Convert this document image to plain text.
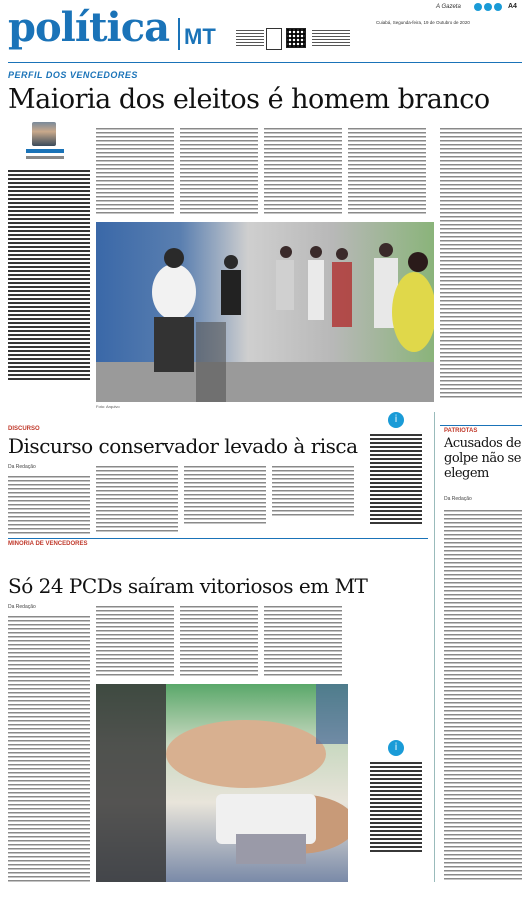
política MT
A Gazeta	A4
Cuiabá, Segunda-feira, 19 de Outubro de 2020
PERFIL DOS VENCEDORES
Maioria dos eleitos é homem branco
Foto: Arquivo
DISCURSO
Discurso conservador levado à risca
Da Redação
i
PATRIOTAS
Acusados de golpe não se elegem
Da Redação
MINORIA DE VENCEDORES
Só 24 PCDs saíram vitoriosos em MT
Da Redação
i
